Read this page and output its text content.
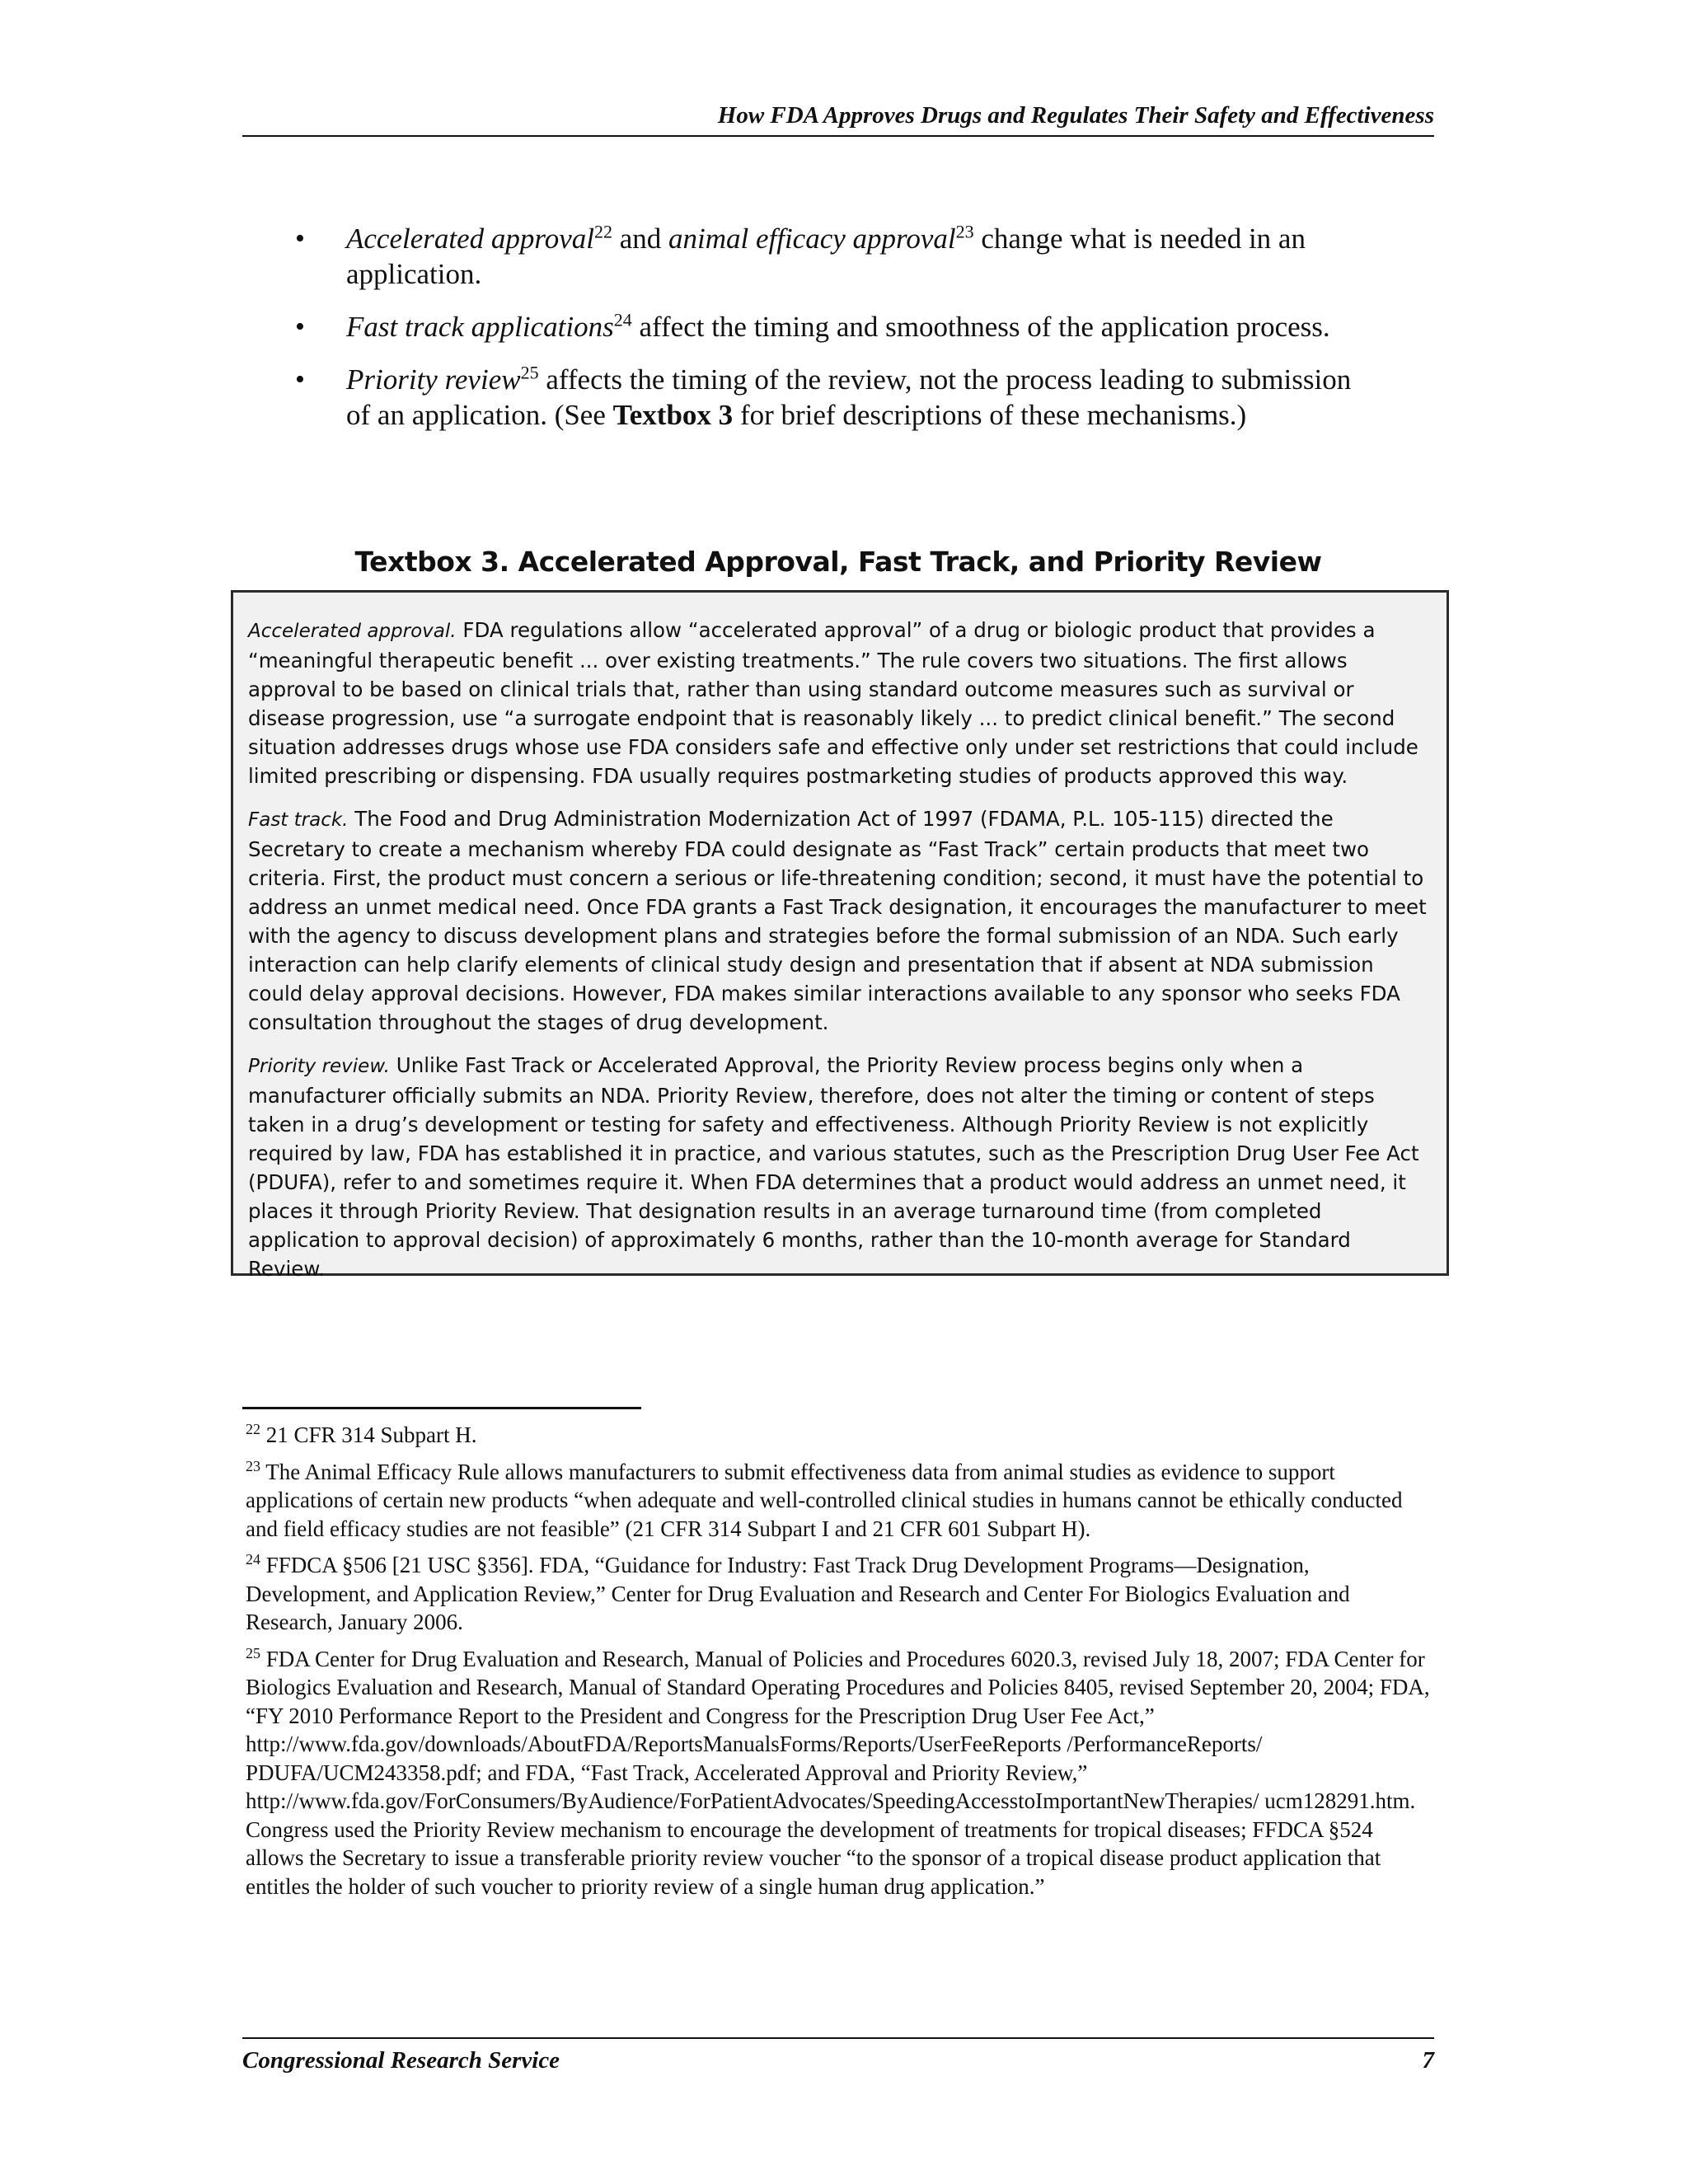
How FDA Approves Drugs and Regulates Their Safety and Effectiveness
• Accelerated approval$^{22}$ and animal efficacy approval$^{23}$ change what is needed in an application.
• Fast track applications$^{24}$ affect the timing and smoothness of the application process.
• Priority review$^{25}$ affects the timing of the review, not the process leading to submission of an application. (See Textbox 3 for brief descriptions of these mechanisms.)
Textbox 3. Accelerated Approval, Fast Track, and Priority Review

Accelerated approval. FDA regulations allow “accelerated approval” of a drug or biologic product that provides a “meaningful therapeutic benefit ... over existing treatments.” The rule covers two situations. The first allows approval to be based on clinical trials that, rather than using standard outcome measures such as survival or disease progression, use “a surrogate endpoint that is reasonably likely ... to predict clinical benefit.” The second situation addresses drugs whose use FDA considers safe and effective only under set restrictions that could include limited prescribing or dispensing. FDA usually requires postmarketing studies of products approved this way.

Fast track. The Food and Drug Administration Modernization Act of 1997 (FDAMA, P.L. 105-115) directed the Secretary to create a mechanism whereby FDA could designate as “Fast Track” certain products that meet two criteria. First, the product must concern a serious or life-threatening condition; second, it must have the potential to address an unmet medical need. Once FDA grants a Fast Track designation, it encourages the manufacturer to meet with the agency to discuss development plans and strategies before the formal submission of an NDA. Such early interaction can help clarify elements of clinical study design and presentation that if absent at NDA submission could delay approval decisions. However, FDA makes similar interactions available to any sponsor who seeks FDA consultation throughout the stages of drug development.

Priority review. Unlike Fast Track or Accelerated Approval, the Priority Review process begins only when a manufacturer officially submits an NDA. Priority Review, therefore, does not alter the timing or content of steps taken in a drug’s development or testing for safety and effectiveness. Although Priority Review is not explicitly required by law, FDA has established it in practice, and various statutes, such as the Prescription Drug User Fee Act (PDUFA), refer to and sometimes require it. When FDA determines that a product would address an unmet need, it places it through Priority Review. That designation results in an average turnaround time (from completed application to approval decision) of approximately 6 months, rather than the 10-month average for Standard Review.

$^{22}$ 21 CFR 314 Subpart H.

$^{23}$ The Animal Efficacy Rule allows manufacturers to submit effectiveness data from animal studies as evidence to support applications of certain new products “when adequate and well-controlled clinical studies in humans cannot be ethically conducted and field efficacy studies are not feasible” (21 CFR 314 Subpart I and 21 CFR 601 Subpart H).

$^{24}$ FFDCA §506 [21 USC §356]. FDA, “Guidance for Industry: Fast Track Drug Development Programs—Designation, Development, and Application Review,” Center for Drug Evaluation and Research and Center For Biologics Evaluation and Research, January 2006.

$^{25}$ FDA Center for Drug Evaluation and Research, Manual of Policies and Procedures 6020.3, revised July 18, 2007; FDA Center for Biologics Evaluation and Research, Manual of Standard Operating Procedures and Policies 8405, revised September 20, 2004; FDA, “FY 2010 Performance Report to the President and Congress for the Prescription Drug User Fee Act,” http://www.fda.gov/downloads/AboutFDA/ReportsManualsForms/Reports/UserFeeReports /PerformanceReports/ PDUFA/UCM243358.pdf; and FDA, “Fast Track, Accelerated Approval and Priority Review,” http://www.fda.gov/ForConsumers/ByAudience/ForPatientAdvocates/SpeedingAccesstoImportantNewTherapies/ ucm128291.htm. Congress used the Priority Review mechanism to encourage the development of treatments for tropical diseases; FFDCA §524 allows the Secretary to issue a transferable priority review voucher “to the sponsor of a tropical disease product application that entitles the holder of such voucher to priority review of a single human drug application.”

Congressional Research Service	7
